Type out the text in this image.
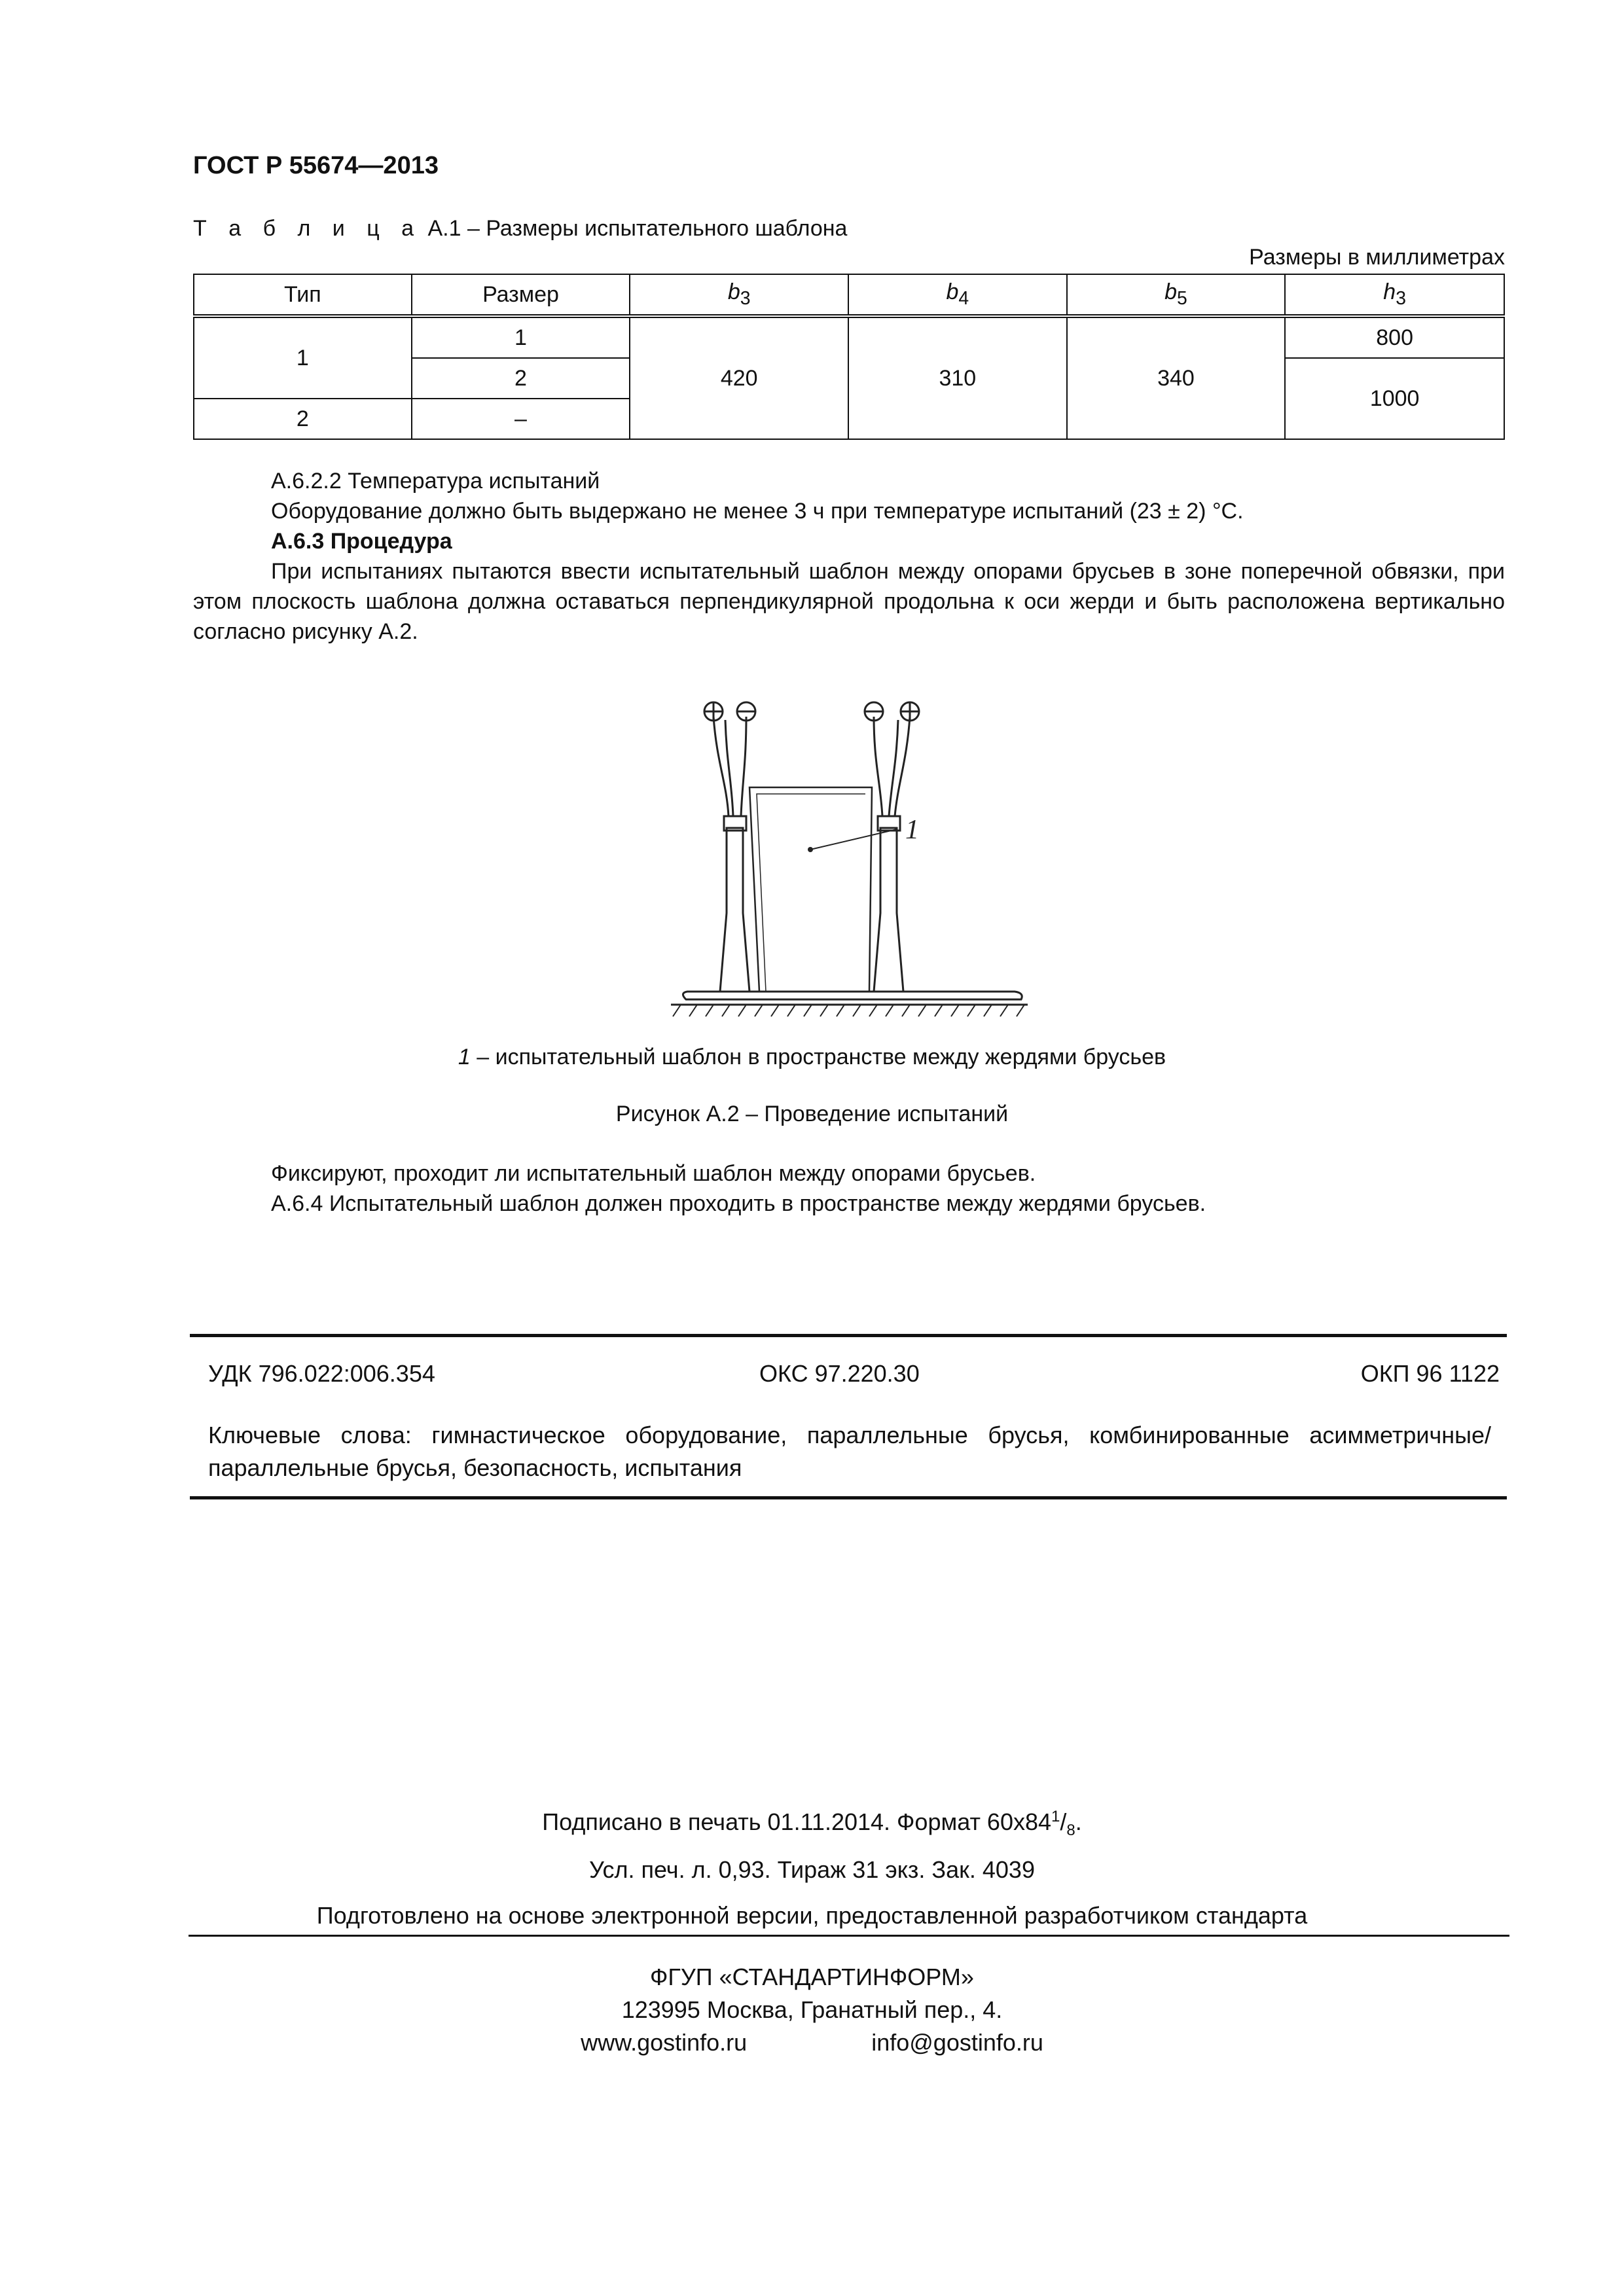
ГОСТ Р 55674—2013
Т а б л и ц а А.1 – Размеры испытательного шаблона
Размеры в миллиметрах
Тип	Размер	$b_3$	$b_4$	$b_5$	$h_3$
1	1	420	310	340	800
	2				1000
2	–				
А.6.2.2 Температура испытаний
Оборудование должно быть выдержано не менее 3 ч при температуре испытаний (23 ± 2) °С.
А.6.3 Процедура
При испытаниях пытаются ввести испытательный шаблон между опорами брусьев в зоне поперечной обвязки, при этом плоскость шаблона должна оставаться перпендикулярной продольна к оси жерди и быть расположена вертикально согласно рисунку А.2.
1
1 – испытательный шаблон в пространстве между жердями брусьев
Рисунок А.2 – Проведение испытаний
Фиксируют, проходит ли испытательный шаблон между опорами брусьев.
А.6.4 Испытательный шаблон должен проходить в пространстве между жердями брусьев.
УДК 796.022:006.354	ОКС 97.220.30	ОКП 96 1122
Ключевые слова: гимнастическое оборудование, параллельные брусья, комбинированные асимметричные/параллельные брусья, безопасность, испытания
Подписано в печать 01.11.2014. Формат $60х84^1/_8$.
Усл. печ. л. 0,93. Тираж 31 экз. Зак. 4039
Подготовлено на основе электронной версии, предоставленной разработчиком стандарта
ФГУП «СТАНДАРТИНФОРМ»
123995 Москва, Гранатный пер., 4.
www.gostinfo.ru	info@gostinfo.ru
